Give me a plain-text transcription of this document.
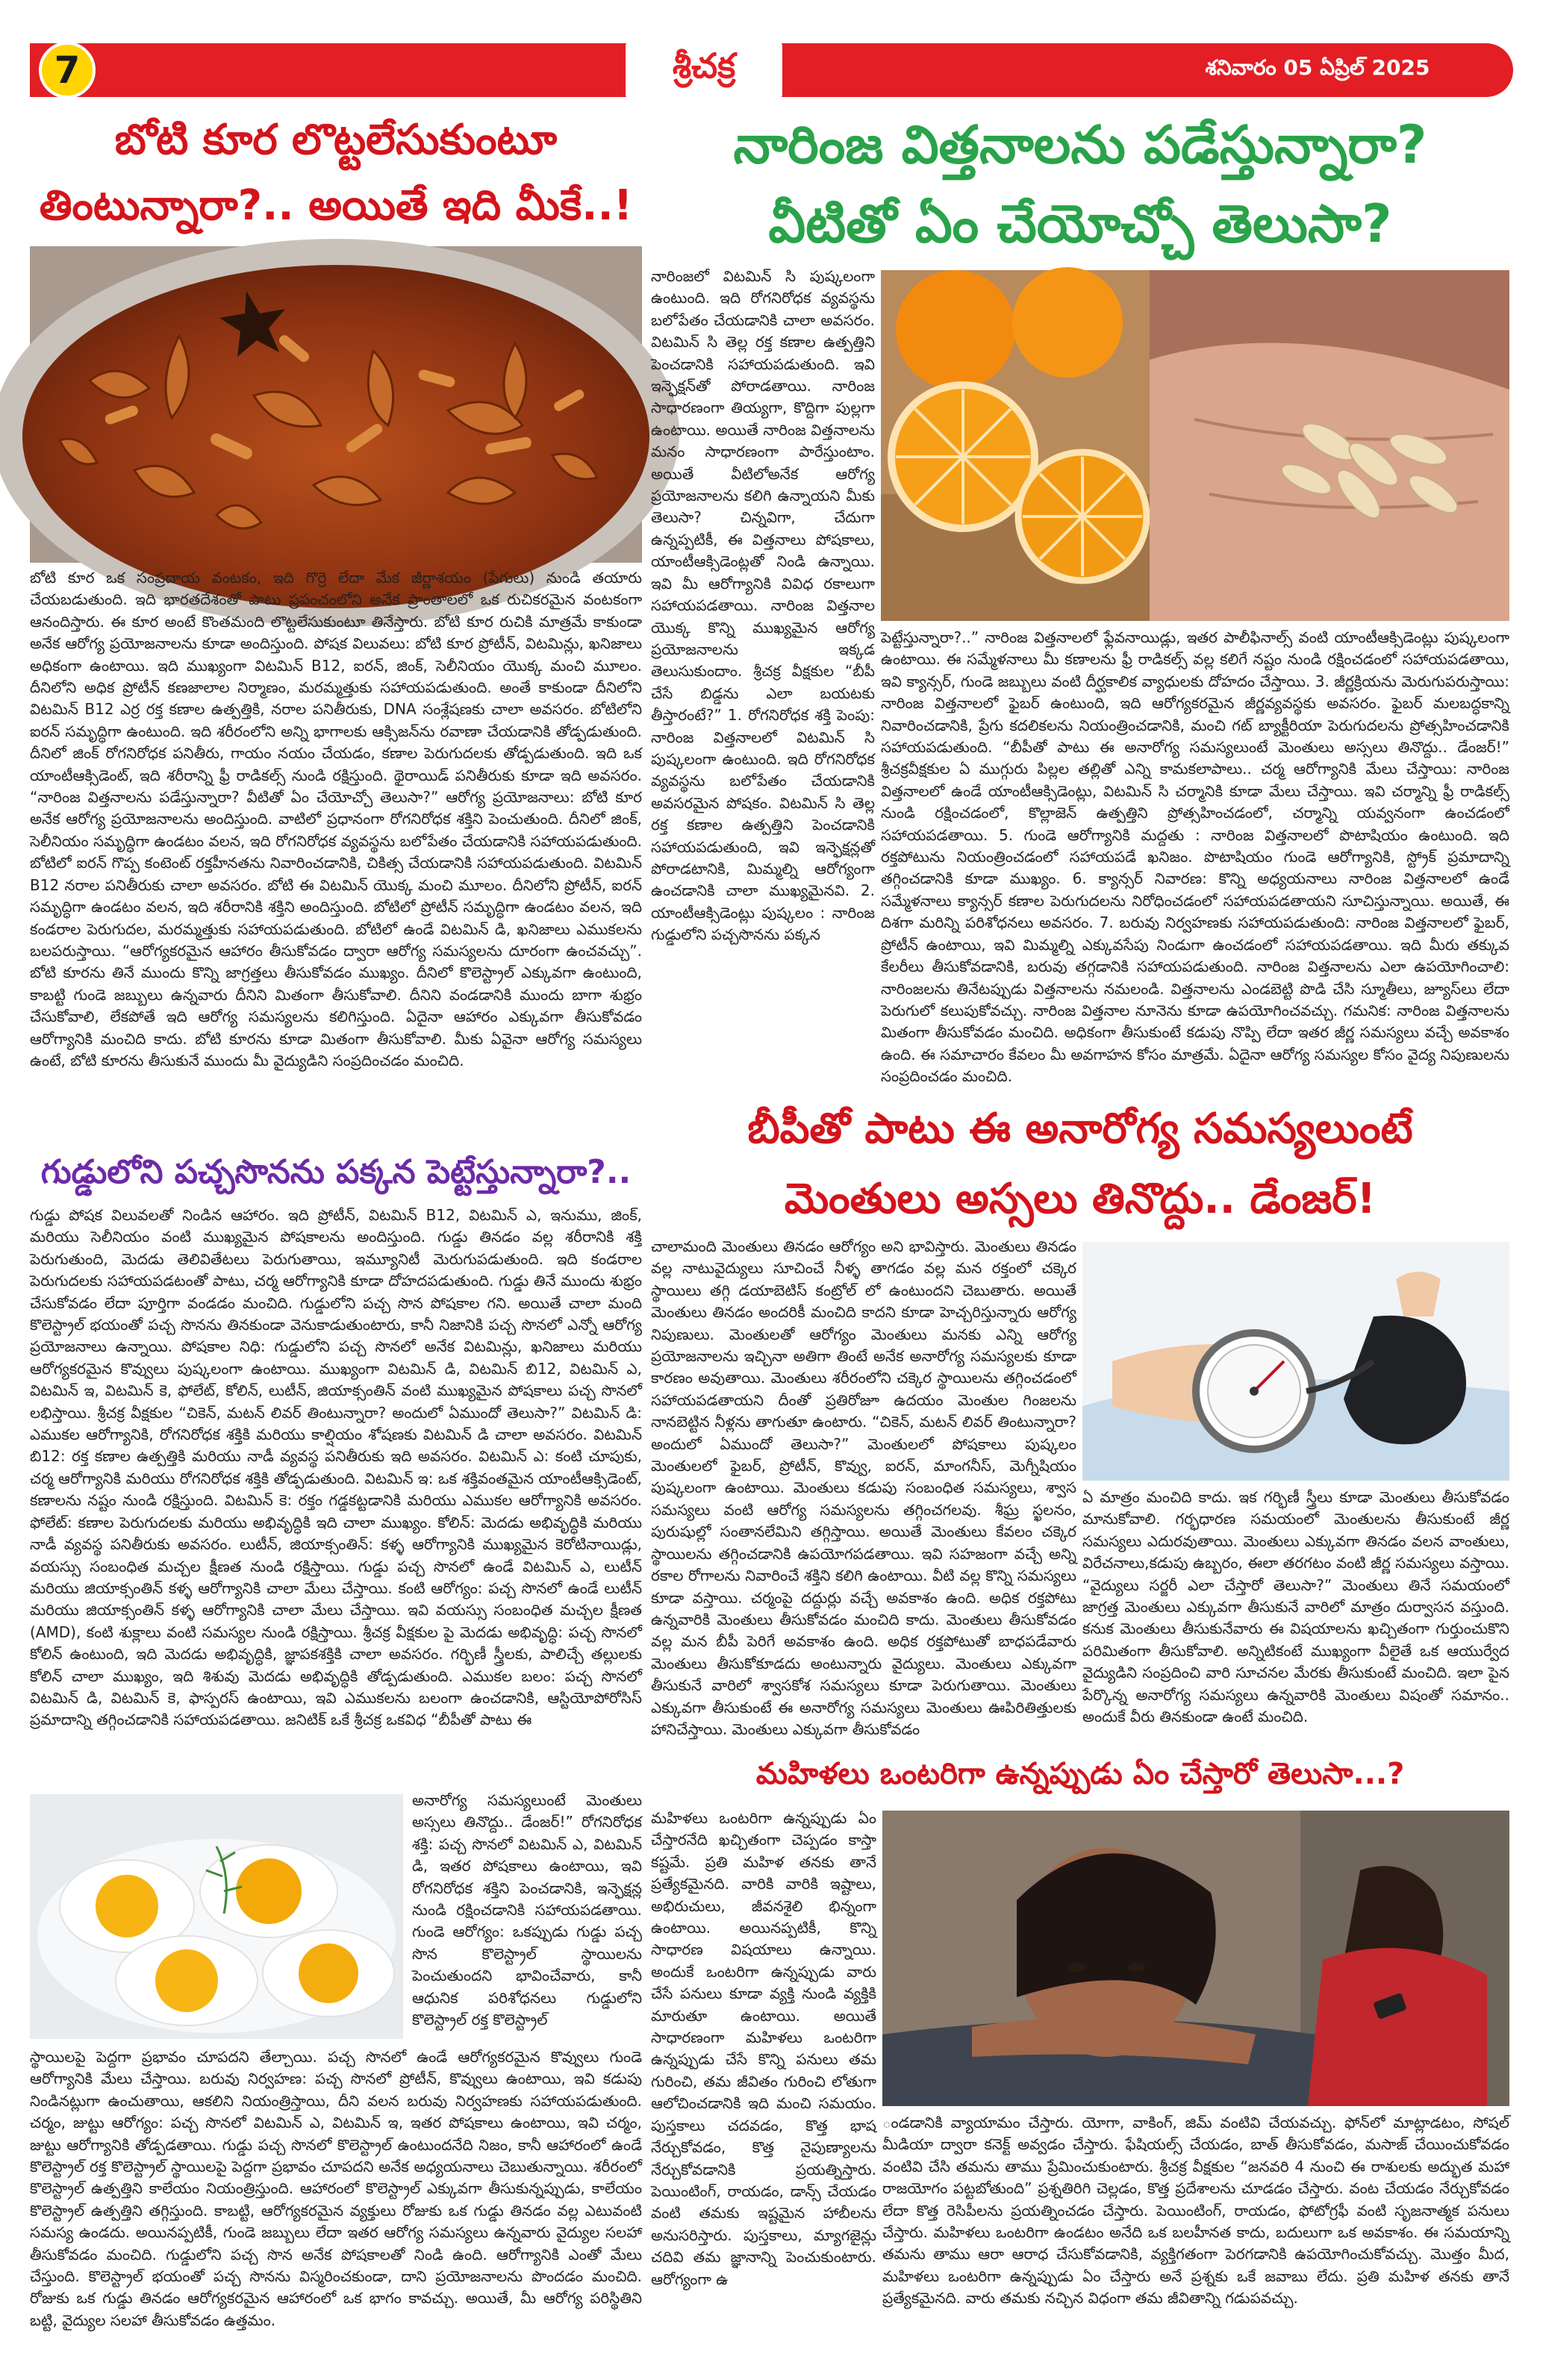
7	శ్రీచక్ర	శనివారం 05 ఏప్రిల్ 2025
బోటి కూర లొట్టలేసుకుంటూ
తింటున్నారా?.. అయితే ఇది మీకే..!
బోటి కూర ఒక సంప్రదాయ వంటకం, ఇది గొర్రె లేదా మేక జీర్ణాశయం (పేగులు) నుండి తయారు చేయబడుతుంది. ఇది భారతదేశంతో పాటు ప్రపంచంలోని అనేక ప్రాంతాలలో ఒక రుచికరమైన వంటకంగా ఆనందిస్తారు. ఈ కూర అంటే కొంతమంది లొట్టలేసుకుంటూ తినేస్తారు. బోటి కూర రుచికి మాత్రమే కాకుండా అనేక ఆరోగ్య ప్రయోజనాలను కూడా అందిస్తుంది. పోషక విలువలు: బోటి కూర ప్రోటీన్, విటమిన్లు, ఖనిజాలు అధికంగా ఉంటాయి. ఇది ముఖ్యంగా విటమిన్ B12, ఐరన్, జింక్, సెలీనియం యొక్క మంచి మూలం. దీనిలోని అధిక ప్రోటీన్ కణజాలాల నిర్మాణం, మరమ్మత్తుకు సహాయపడుతుంది. అంతే కాకుండా దీనిలోని విటమిన్ B12 ఎర్ర రక్త కణాల ఉత్పత్తికి, నరాల పనితీరుకు, DNA సంశ్లేషణకు చాలా అవసరం. బోటిలోని ఐరన్ సమృద్ధిగా ఉంటుంది. ఇది శరీరంలోని అన్ని భాగాలకు ఆక్సిజన్‌ను రవాణా చేయడానికి తోడ్పడుతుంది. దీనిలో జింక్ రోగనిరోధక పనితీరు, గాయం నయం చేయడం, కణాల పెరుగుదలకు తోడ్పడుతుంది. ఇది ఒక యాంటీఆక్సిడెంట్, ఇది శరీరాన్ని ఫ్రీ రాడికల్స్ నుండి రక్షిస్తుంది. థైరాయిడ్ పనితీరుకు కూడా ఇది అవసరం. “నారింజ విత్తనాలను పడేస్తున్నారా? వీటితో ఏం చేయోచ్చో తెలుసా?” ఆరోగ్య ప్రయోజనాలు: బోటి కూర అనేక ఆరోగ్య ప్రయోజనాలను అందిస్తుంది. వాటిలో ప్రధానంగా రోగనిరోధక శక్తిని పెంచుతుంది. దీనిలో జింక్, సెలీనియం సమృద్ధిగా ఉండటం వలన, ఇది రోగనిరోధక వ్యవస్థను బలోపేతం చేయడానికి సహాయపడుతుంది. బోటిలో ఐరన్ గొప్ప కంటెంట్ రక్తహీనతను నివారించడానికి, చికిత్స చేయడానికి సహాయపడుతుంది. విటమిన్ B12 నరాల పనితీరుకు చాలా అవసరం. బోటి ఈ విటమిన్ యొక్క మంచి మూలం. దీనిలోని ప్రోటీన్, ఐరన్ సమృద్ధిగా ఉండటం వలన, ఇది శరీరానికి శక్తిని అందిస్తుంది. బోటిలో ప్రోటీన్ సమృద్ధిగా ఉండటం వలన, ఇది కండరాల పెరుగుదల, మరమ్మత్తుకు సహాయపడుతుంది. బోటిలో ఉండే విటమిన్ డి, ఖనిజాలు ఎముకలను బలపరుస్తాయి. “ఆరోగ్యకరమైన ఆహారం తీసుకోవడం ద్వారా ఆరోగ్య సమస్యలను దూరంగా ఉంచవచ్చు”. బోటి కూరను తినే ముందు కొన్ని జాగ్రత్తలు తీసుకోవడం ముఖ్యం. దీనిలో కొలెస్ట్రాల్ ఎక్కువగా ఉంటుంది, కాబట్టి గుండె జబ్బులు ఉన్నవారు దీనిని మితంగా తీసుకోవాలి. దీనిని వండడానికి ముందు బాగా శుభ్రం చేసుకోవాలి, లేకపోతే ఇది ఆరోగ్య సమస్యలను కలిగిస్తుంది. ఏదైనా ఆహారం ఎక్కువగా తీసుకోవడం ఆరోగ్యానికి మంచిది కాదు. బోటి కూరను కూడా మితంగా తీసుకోవాలి. మీకు ఏవైనా ఆరోగ్య సమస్యలు ఉంటే, బోటి కూరను తీసుకునే ముందు మీ వైద్యుడిని సంప్రదించడం మంచిది.
గుడ్డులోని పచ్చసొనను పక్కన పెట్టేస్తున్నారా?..
గుడ్డు పోషక విలువలతో నిండిన ఆహారం. ఇది ప్రోటీన్, విటమిన్ B12, విటమిన్ ఎ, ఇనుము, జింక్, మరియు సెలీనియం వంటి ముఖ్యమైన పోషకాలను అందిస్తుంది. గుడ్డు తినడం వల్ల శరీరానికి శక్తి పెరుగుతుంది, మెదడు తెలివితేటలు పెరుగుతాయి, ఇమ్యూనిటీ మెరుగుపడుతుంది. ఇది కండరాల పెరుగుదలకు సహాయపడటంతో పాటు, చర్మ ఆరోగ్యానికి కూడా దోహదపడుతుంది. గుడ్డు తినే ముందు శుభ్రం చేసుకోవడం లేదా పూర్తిగా వండడం మంచిది. గుడ్డులోని పచ్చ సొన పోషకాల గని. అయితే చాలా మంది కొలెస్ట్రాల్ భయంతో పచ్చ సొనను తినకుండా వెనుకాడుతుంటారు, కానీ నిజానికి పచ్చ సొనలో ఎన్నో ఆరోగ్య ప్రయోజనాలు ఉన్నాయి. పోషకాల నిధి: గుడ్డులోని పచ్చ సొనలో అనేక విటమిన్లు, ఖనిజాలు మరియు ఆరోగ్యకరమైన కొవ్వులు పుష్కలంగా ఉంటాయి. ముఖ్యంగా విటమిన్ డి, విటమిన్ బి12, విటమిన్ ఎ, విటమిన్ ఇ, విటమిన్ కె, ఫోలేట్, కోలిన్, లుటీన్, జియాక్సంతిన్ వంటి ముఖ్యమైన పోషకాలు పచ్చ సొనలో లభిస్తాయి. శ్రీచక్ర వీక్షకుల “చికెన్, మటన్ లివర్ తింటున్నారా? అందులో ఏముందో తెలుసా?” విటమిన్ డి: ఎముకల ఆరోగ్యానికి, రోగనిరోధక శక్తికి మరియు కాల్షియం శోషణకు విటమిన్ డి చాలా అవసరం. విటమిన్ బి12: రక్త కణాల ఉత్పత్తికి మరియు నాడీ వ్యవస్థ పనితీరుకు ఇది అవసరం. విటమిన్ ఎ: కంటి చూపుకు, చర్మ ఆరోగ్యానికి మరియు రోగనిరోధక శక్తికి తోడ్పడుతుంది. విటమిన్ ఇ: ఒక శక్తివంతమైన యాంటీఆక్సిడెంట్, కణాలను నష్టం నుండి రక్షిస్తుంది. విటమిన్ కె: రక్తం గడ్డకట్టడానికి మరియు ఎముకల ఆరోగ్యానికి అవసరం. ఫోలేట్: కణాల పెరుగుదలకు మరియు అభివృద్ధికి ఇది చాలా ముఖ్యం. కోలిన్: మెదడు అభివృద్ధికి మరియు నాడీ వ్యవస్థ పనితీరుకు అవసరం. లుటీన్, జియాక్సంతిన్: కళ్ళ ఆరోగ్యానికి ముఖ్యమైన కెరోటినాయిడ్లు, వయస్సు సంబంధిత మచ్చల క్షీణత నుండి రక్షిస్తాయి. గుడ్డు పచ్చ సొనలో ఉండే విటమిన్ ఎ, లుటీన్ మరియు జియాక్సంతిన్ కళ్ళ ఆరోగ్యానికి చాలా మేలు చేస్తాయి. కంటి ఆరోగ్యం: పచ్చ సొనలో ఉండే లుటీన్ మరియు జియాక్సంతిన్ కళ్ళ ఆరోగ్యానికి చాలా మేలు చేస్తాయి. ఇవి వయస్సు సంబంధిత మచ్చల క్షీణత (AMD), కంటి శుక్లాలు వంటి సమస్యల నుండి రక్షిస్తాయి. శ్రీచక్ర వీక్షకుల పై మెదడు అభివృద్ధి: పచ్చ సొనలో కోలిన్ ఉంటుంది, ఇది మెదడు అభివృద్ధికి, జ్ఞాపకశక్తికి చాలా అవసరం. గర్భిణీ స్త్రీలకు, పాలిచ్చే తల్లులకు కోలిన్ చాలా ముఖ్యం, ఇది శిశువు మెదడు అభివృద్ధికి తోడ్పడుతుంది. ఎముకల బలం: పచ్చ సొనలో విటమిన్ డి, విటమిన్ కె, ఫాస్పరస్ ఉంటాయి, ఇవి ఎముకలను బలంగా ఉంచడానికి, ఆస్టియోపోరోసిస్ ప్రమాదాన్ని తగ్గించడానికి సహాయపడతాయి. జనిటిక్ ఒకే శ్రీచక్ర ఒకవిధ “బీపీతో పాటు ఈ
అనారోగ్య సమస్యలుంటే మెంతులు అస్సలు తినొద్దు.. డేంజర్!” రోగనిరోధక శక్తి: పచ్చ సొనలో విటమిన్ ఎ, విటమిన్ డి, ఇతర పోషకాలు ఉంటాయి, ఇవి రోగనిరోధక శక్తిని పెంచడానికి, ఇన్ఫెక్షన్ల నుండి రక్షించడానికి సహాయపడతాయి. గుండె ఆరోగ్యం: ఒకప్పుడు గుడ్డు పచ్చ సొన కొలెస్ట్రాల్ స్థాయిలను పెంచుతుందని భావించేవారు, కానీ ఆధునిక పరిశోధనలు గుడ్డులోని కొలెస్ట్రాల్ రక్త కొలెస్ట్రాల్
స్థాయిలపై పెద్దగా ప్రభావం చూపదని తేల్చాయి. పచ్చ సొనలో ఉండే ఆరోగ్యకరమైన కొవ్వులు గుండె ఆరోగ్యానికి మేలు చేస్తాయి. బరువు నిర్వహణ: పచ్చ సొనలో ప్రోటీన్, కొవ్వులు ఉంటాయి, ఇవి కడుపు నిండినట్లుగా ఉంచుతాయి, ఆకలిని నియంత్రిస్తాయి, దీని వలన బరువు నిర్వహణకు సహాయపడుతుంది. చర్మం, జుట్టు ఆరోగ్యం: పచ్చ సొనలో విటమిన్ ఎ, విటమిన్ ఇ, ఇతర పోషకాలు ఉంటాయి, ఇవి చర్మం, జుట్టు ఆరోగ్యానికి తోడ్పడతాయి. గుడ్డు పచ్చ సొనలో కొలెస్ట్రాల్ ఉంటుందనేది నిజం, కానీ ఆహారంలో ఉండే కొలెస్ట్రాల్ రక్త కొలెస్ట్రాల్ స్థాయిలపై పెద్దగా ప్రభావం చూపదని అనేక అధ్యయనాలు చెబుతున్నాయి. శరీరంలో కొలెస్ట్రాల్ ఉత్పత్తిని కాలేయం నియంత్రిస్తుంది. ఆహారంలో కొలెస్ట్రాల్ ఎక్కువగా తీసుకున్నప్పుడు, కాలేయం కొలెస్ట్రాల్ ఉత్పత్తిని తగ్గిస్తుంది. కాబట్టి, ఆరోగ్యకరమైన వ్యక్తులు రోజుకు ఒక గుడ్డు తినడం వల్ల ఎటువంటి సమస్య ఉండదు. అయినప్పటికీ, గుండె జబ్బులు లేదా ఇతర ఆరోగ్య సమస్యలు ఉన్నవారు వైద్యుల సలహా తీసుకోవడం మంచిది. గుడ్డులోని పచ్చ సొన అనేక పోషకాలతో నిండి ఉంది. ఆరోగ్యానికి ఎంతో మేలు చేస్తుంది. కొలెస్ట్రాల్ భయంతో పచ్చ సొనను విస్మరించకుండా, దాని ప్రయోజనాలను పొందడం మంచిది. రోజుకు ఒక గుడ్డు తినడం ఆరోగ్యకరమైన ఆహారంలో ఒక భాగం కావచ్చు. అయితే, మీ ఆరోగ్య పరిస్థితిని బట్టి, వైద్యుల సలహా తీసుకోవడం ఉత్తమం.
నారింజ విత్తనాలను పడేస్తున్నారా?
వీటితో ఏం చేయోచ్చో తెలుసా?
నారింజలో విటమిన్ సి పుష్కలంగా ఉంటుంది. ఇది రోగనిరోధక వ్యవస్థను బలోపేతం చేయడానికి చాలా అవసరం. విటమిన్ సి తెల్ల రక్త కణాల ఉత్పత్తిని పెంచడానికి సహాయపడుతుంది. ఇవి ఇన్ఫెక్షన్‌తో పోరాడతాయి. నారింజ సాధారణంగా తియ్యగా, కొద్దిగా పుల్లగా ఉంటాయి. అయితే నారింజ విత్తనాలను మనం సాధారణంగా పారేస్తుంటాం. అయితే వీటిలోఅనేక ఆరోగ్య ప్రయోజనాలను కలిగి ఉన్నాయని మీకు తెలుసా? చిన్నవిగా, చేదుగా ఉన్నప్పటికీ, ఈ విత్తనాలు పోషకాలు, యాంటీఆక్సిడెంట్లతో నిండి ఉన్నాయి. ఇవి మీ ఆరోగ్యానికి వివిధ రకాలుగా సహాయపడతాయి. నారింజ విత్తనాల యొక్క కొన్ని ముఖ్యమైన ఆరోగ్య ప్రయోజనాలను ఇక్కడ తెలుసుకుందాం. శ్రీచక్ర వీక్షకుల “బీపీ చేసే బిడ్డను ఎలా బయటకు తీస్తారంటే?” 1. రోగనిరోధక శక్తి పెంపు: నారింజ విత్తనాలలో విటమిన్ సి పుష్కలంగా ఉంటుంది. ఇది రోగనిరోధక వ్యవస్థను బలోపేతం చేయడానికి అవసరమైన పోషకం. విటమిన్ సి తెల్ల రక్త కణాల ఉత్పత్తిని పెంచడానికి సహాయపడుతుంది, ఇవి ఇన్ఫెక్షన్లతో పోరాడటానికి, మిమ్మల్ని ఆరోగ్యంగా ఉంచడానికి చాలా ముఖ్యమైనవి. 2. యాంటీఆక్సిడెంట్లు పుష్కలం : నారింజ గుడ్డులోని పచ్చసొనను పక్కన
పెట్టేస్తున్నారా?..” నారింజ విత్తనాలలో ఫ్లేవనాయిడ్లు, ఇతర పాలీఫినాల్స్ వంటి యాంటీఆక్సిడెంట్లు పుష్కలంగా ఉంటాయి. ఈ సమ్మేళనాలు మీ కణాలను ఫ్రీ రాడికల్స్ వల్ల కలిగే నష్టం నుండి రక్షించడంలో సహాయపడతాయి, ఇవి క్యాన్సర్, గుండె జబ్బులు వంటి దీర్ఘకాలిక వ్యాధులకు దోహదం చేస్తాయి. 3. జీర్ణక్రియను మెరుగుపరుస్తాయి: నారింజ విత్తనాలలో ఫైబర్ ఉంటుంది, ఇది ఆరోగ్యకరమైన జీర్ణవ్యవస్థకు అవసరం. ఫైబర్ మలబద్ధకాన్ని నివారించడానికి, ప్రేగు కదలికలను నియంత్రించడానికి, మంచి గట్ బ్యాక్టీరియా పెరుగుదలను ప్రోత్సహించడానికి సహాయపడుతుంది. “బీపీతో పాటు ఈ అనారోగ్య సమస్యలుంటే మెంతులు అస్సలు తినొద్దు.. డేంజర్!” శ్రీచక్రవీక్షకుల ఏ ముగ్గురు పిల్లల తల్లితో ఎన్ని కామకలాపాలు.. చర్మ ఆరోగ్యానికి మేలు చేస్తాయి: నారింజ విత్తనాలలో ఉండే యాంటీఆక్సిడెంట్లు, విటమిన్ సి చర్మానికి కూడా మేలు చేస్తాయి. ఇవి చర్మాన్ని ఫ్రీ రాడికల్స్ నుండి రక్షించడంలో, కొల్లాజెన్ ఉత్పత్తిని ప్రోత్సహించడంలో, చర్మాన్ని యవ్వనంగా ఉంచడంలో సహాయపడతాయి. 5. గుండె ఆరోగ్యానికి మద్దతు : నారింజ విత్తనాలలో పొటాషియం ఉంటుంది. ఇది రక్తపోటును నియంత్రించడంలో సహాయపడే ఖనిజం. పొటాషియం గుండె ఆరోగ్యానికి, స్ట్రోక్ ప్రమాదాన్ని తగ్గించడానికి కూడా ముఖ్యం. 6. క్యాన్సర్ నివారణ: కొన్ని అధ్యయనాలు నారింజ విత్తనాలలో ఉండే సమ్మేళనాలు క్యాన్సర్ కణాల పెరుగుదలను నిరోధించడంలో సహాయపడతాయని సూచిస్తున్నాయి. అయితే, ఈ దిశగా మరిన్ని పరిశోధనలు అవసరం. 7. బరువు నిర్వహణకు సహాయపడుతుంది: నారింజ విత్తనాలలో ఫైబర్, ప్రోటీన్ ఉంటాయి, ఇవి మిమ్మల్ని ఎక్కువసేపు నిండుగా ఉంచడంలో సహాయపడతాయి. ఇది మీరు తక్కువ కేలరీలు తీసుకోవడానికి, బరువు తగ్గడానికి సహాయపడుతుంది. నారింజ విత్తనాలను ఎలా ఉపయోగించాలి: నారింజలను తినేటప్పుడు విత్తనాలను నమలండి. విత్తనాలను ఎండబెట్టి పొడి చేసి స్మూతీలు, జ్యూస్‌లు లేదా పెరుగులో కలుపుకోవచ్చు. నారింజ విత్తనాల నూనెను కూడా ఉపయోగించవచ్చు. గమనిక: నారింజ విత్తనాలను మితంగా తీసుకోవడం మంచిది. అధికంగా తీసుకుంటే కడుపు నొప్పి లేదా ఇతర జీర్ణ సమస్యలు వచ్చే అవకాశం ఉంది. ఈ సమాచారం కేవలం మీ అవగాహన కోసం మాత్రమే. ఏదైనా ఆరోగ్య సమస్యల కోసం వైద్య నిపుణులను సంప్రదించడం మంచిది.
బీపీతో పాటు ఈ అనారోగ్య సమస్యలుంటే
మెంతులు అస్సలు తినొద్దు.. డేంజర్!
చాలామంది మెంతులు తినడం ఆరోగ్యం అని భావిస్తారు. మెంతులు తినడం వల్ల నాటువైద్యులు సూచించే నీళ్ళ తాగడం వల్ల మన రక్తంలో చక్కెర స్థాయిలు తగ్గి డయాబెటిస్ కంట్రోల్ లో ఉంటుందని చెబుతారు. అయితే మెంతులు తినడం అందరికీ మంచిది కాదని కూడా హెచ్చరిస్తున్నారు ఆరోగ్య నిపుణులు. మెంతులతో ఆరోగ్యం మెంతులు మనకు ఎన్ని ఆరోగ్య ప్రయోజనాలను ఇచ్చినా అతిగా తింటే అనేక అనారోగ్య సమస్యలకు కూడా కారణం అవుతాయి. మెంతులు శరీరంలోని చక్కెర స్థాయిలను తగ్గించడంలో సహాయపడతాయని దీంతో ప్రతిరోజూ ఉదయం మెంతుల గింజలను నానబెట్టిన నీళ్లను తాగుతూ ఉంటారు. “చికెన్, మటన్ లివర్ తింటున్నారా? అందులో ఏముందో తెలుసా?” మెంతులలో పోషకాలు పుష్కలం మెంతులలో ఫైబర్, ప్రోటీన్, కొవ్వు, ఐరన్, మాంగనీస్, మెగ్నీషియం పుష్కలంగా ఉంటాయి. మెంతులు కడుపు సంబంధిత సమస్యలు, శ్వాస సమస్యలు వంటి ఆరోగ్య సమస్యలను తగ్గించగలవు. శీఘ్ర స్ఖలనం, పురుషుల్లో సంతానలేమిని తగ్గిస్తాయి. అయితే మెంతులు కేవలం చక్కెర స్థాయిలను తగ్గించడానికి ఉపయోగపడతాయి. ఇవి సహజంగా వచ్చే అన్ని రకాల రోగాలను నివారించే శక్తిని కలిగి ఉంటాయి. వీటి వల్ల కొన్ని సమస్యలు కూడా వస్తాయి. చర్మంపై దద్దుర్లు వచ్చే అవకాశం ఉంది. అధిక రక్తపోటు ఉన్నవారికి మెంతులు తీసుకోవడం మంచిది కాదు. మెంతులు తీసుకోవడం వల్ల మన బీపీ పెరిగే అవకాశం ఉంది. అధిక రక్తపోటుతో బాధపడేవారు మెంతులు తీసుకోకూడదు అంటున్నారు వైద్యులు. మెంతులు ఎక్కువగా తీసుకునే వారిలో శ్వాసకోశ సమస్యలు కూడా పెరుగుతాయి. మెంతులు ఎక్కువగా తీసుకుంటే ఈ అనారోగ్య సమస్యలు మెంతులు ఊపిరితిత్తులకు హానిచేస్తాయి. మెంతులు ఎక్కువగా తీసుకోవడం
ఏ మాత్రం మంచిది కాదు. ఇక గర్భిణీ స్త్రీలు కూడా మెంతులు తీసుకోవడం మానుకోవాలి. గర్భధారణ సమయంలో మెంతులను తీసుకుంటే జీర్ణ సమస్యలు ఎదురవుతాయి. మెంతులు ఎక్కువగా తినడం వలన వాంతులు, విరేచనాలు,కడుపు ఉబ్బరం, ఈలా తరగటం వంటి జీర్ణ సమస్యలు వస్తాయి. “వైద్యులు సర్జరీ ఎలా చేస్తారో తెలుసా?” మెంతులు తినే సమయంలో జాగ్రత్త మెంతులు ఎక్కువగా తీసుకునే వారిలో మాత్రం దుర్వాసన వస్తుంది. కనుక మెంతులు తీసుకునేవారు ఈ విషయాలను ఖచ్చితంగా గుర్తుంచుకొని పరిమితంగా తీసుకోవాలి. అన్నిటికంటే ముఖ్యంగా వీలైతే ఒక ఆయుర్వేద వైద్యుడిని సంప్రదించి వారి సూచనల మేరకు తీసుకుంటే మంచిది. ఇలా పైన పేర్కొన్న అనారోగ్య సమస్యలు ఉన్నవారికి మెంతులు విషంతో సమానం.. అందుకే వీరు తినకుండా ఉంటే మంచిది.
మహిళలు ఒంటరిగా ఉన్నప్పుడు ఏం చేస్తారో తెలుసా...?
మహిళలు ఒంటరిగా ఉన్నప్పుడు ఏం చేస్తారనేది ఖచ్చితంగా చెప్పడం కాస్తా కష్టమే. ప్రతి మహిళ తనకు తానే ప్రత్యేకమైనది. వారికి వారికి ఇష్టాలు, అభిరుచులు, జీవనశైలి భిన్నంగా ఉంటాయి. అయినప్పటికీ, కొన్ని సాధారణ విషయాలు ఉన్నాయి. అందుకే ఒంటరిగా ఉన్నప్పుడు వారు చేసే పనులు కూడా వ్యక్తి నుండి వ్యక్తికి మారుతూ ఉంటాయి. అయితే సాధారణంగా మహిళలు ఒంటరిగా ఉన్నప్పుడు చేసే కొన్ని పనులు తమ గురించి, తమ జీవితం గురించి లోతుగా ఆలోచించడానికి ఇది మంచి సమయం. పుస్తకాలు చదవడం, కొత్త భాష నేర్చుకోవడం, కొత్త నైపుణ్యాలను నేర్చుకోవడానికి ప్రయత్నిస్తారు. పెయింటింగ్, రాయడం, డాన్స్ చేయడం వంటి తమకు ఇష్టమైన హాబీలను అనుసరిస్తారు. పుస్తకాలు, మ్యాగజైన్లు చదివి తమ జ్ఞానాన్ని పెంచుకుంటారు. ఆరోగ్యంగా ఉ
ండడానికి వ్యాయామం చేస్తారు. యోగా, వాకింగ్, జిమ్ వంటివి చేయవచ్చు. ఫోన్‌లో మాట్లాడటం, సోషల్ మీడియా ద్వారా కనెక్ట్ అవ్వడం చేస్తారు. ఫేషియల్స్ చేయడం, బాత్ తీసుకోవడం, మసాజ్ చేయించుకోవడం వంటివి చేసి తమను తాము ప్రేమించుకుంటారు. శ్రీచక్ర వీక్షకుల “జనవరి 4 నుంచి ఈ రాశులకు అద్భుత మహా రాజయోగం పట్టబోతుంది” ప్రశ్నతిరిగి చెల్లడం, కొత్త ప్రదేశాలను చూడడం చేస్తారు. వంట చేయడం నేర్చుకోవడం లేదా కొత్త రెసిపీలను ప్రయత్నించడం చేస్తారు. పెయింటింగ్, రాయడం, ఫోటోగ్రఫీ వంటి సృజనాత్మక పనులు చేస్తారు. మహిళలు ఒంటరిగా ఉండటం అనేది ఒక బలహీనత కాదు, బదులుగా ఒక అవకాశం. ఈ సమయాన్ని తమను తాము ఆరా ఆరాధ చేసుకోవడానికి, వ్యక్తిగతంగా పెరగడానికి ఉపయోగించుకోవచ్చు. మొత్తం మీద, మహిళలు ఒంటరిగా ఉన్నప్పుడు ఏం చేస్తారు అనే ప్రశ్నకు ఒకే జవాబు లేదు. ప్రతి మహిళ తనకు తానే ప్రత్యేకమైనది. వారు తమకు నచ్చిన విధంగా తమ జీవితాన్ని గడుపవచ్చు.
